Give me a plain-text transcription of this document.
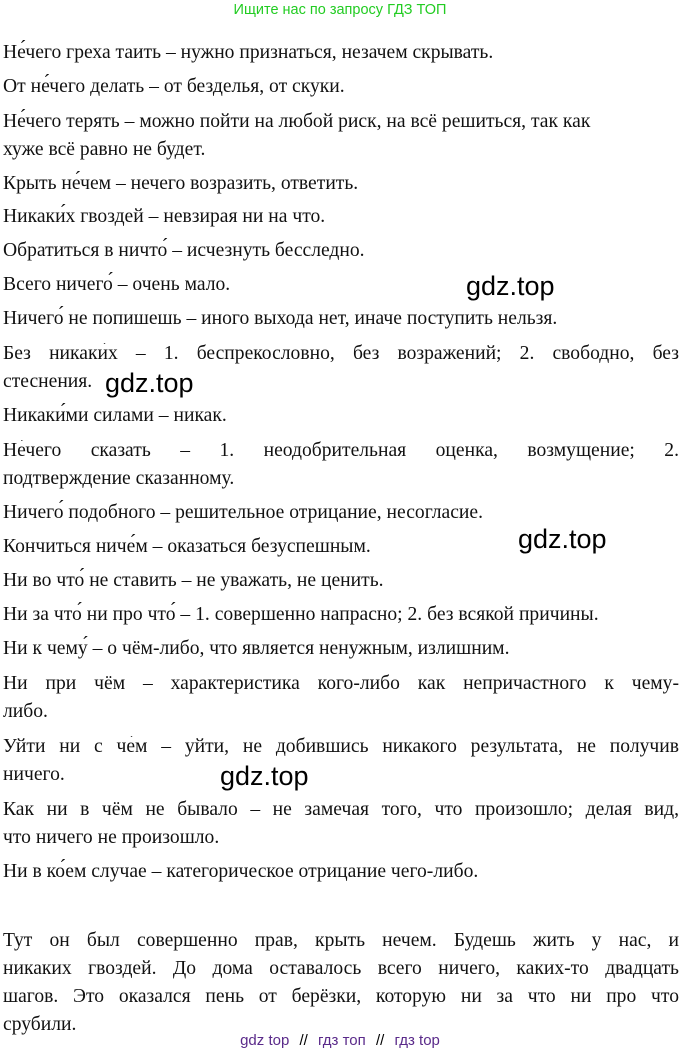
Ищите нас по запросу ГДЗ ТОП
Не́чего греха таить – нужно признаться, незачем скрывать.
От не́чего делать – от безделья, от скуки.
Не́чего терять – можно пойти на любой риск, на всё решиться, так как
хуже всё равно не будет.
Крыть не́чем – нечего возразить, ответить.
Никаки́х гвоздей – невзирая ни на что.
Обратиться в ничто́ – исчезнуть бесследно.
Всего ничего́ – очень мало.
Ничего́ не попишешь – иного выхода нет, иначе поступить нельзя.
Без никаки́х – 1. беспрекословно, без возражений; 2. свободно, без
стеснения.
Никаки́ми силами – никак.
Не́чего сказать – 1. неодобрительная оценка, возмущение; 2.
подтверждение сказанному.
Ничего́ подобного – решительное отрицание, несогласие.
Кончиться ниче́м – оказаться безуспешным.
Ни во что́ не ставить – не уважать, не ценить.
Ни за что́ ни про что́ – 1. совершенно напрасно; 2. без всякой причины.
Ни к чему́ – о чём-либо, что является ненужным, излишним.
Ни при чём – характеристика кого-либо как непричастного к чему-
либо.
Уйти ни с че́м – уйти, не добившись никакого результата, не получив
ничего.
Как ни в чём не бывало – не замечая того, что произошло; делая вид,
что ничего не произошло.
Ни в ко́ем случае – категорическое отрицание чего-либо.
Тут он был совершенно прав, крыть нечем. Будешь жить у нас, и
никаких гвоздей. До дома оставалось всего ничего, каких-то двадцать
шагов. Это оказался пень от берёзки, которую ни за что ни про что
срубили.
gdz.top
gdz.top
gdz.top
gdz.top
gdz top // гдз топ // гдз top
